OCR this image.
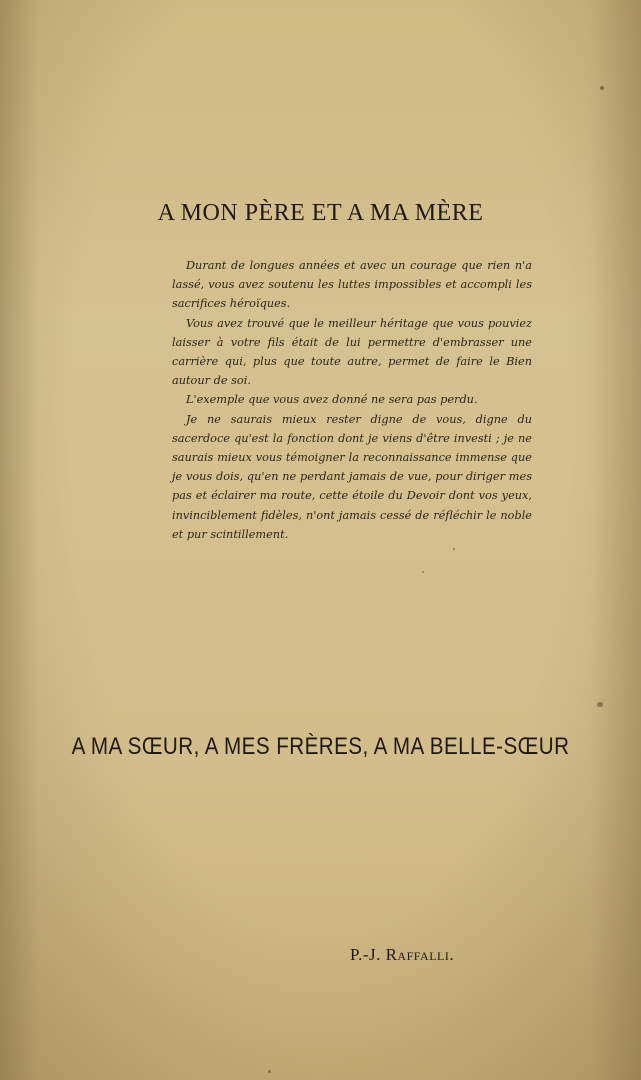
A MON PÈRE ET A MA MÈRE

Durant de longues années et avec un courage que rien n'a lassé, vous avez soutenu les luttes impossibles et accompli les sacrifices héroïques.

Vous avez trouvé que le meilleur héritage que vous pouviez laisser à votre fils était de lui permettre d'embrasser une carrière qui, plus que toute autre, permet de faire le Bien autour de soi.

L'exemple que vous avez donné ne sera pas perdu.

Je ne saurais mieux rester digne de vous, digne du sacerdoce qu'est la fonction dont je viens d'être investi ; je ne saurais mieux vous témoigner la reconnaissance immense que je vous dois, qu'en ne perdant jamais de vue, pour diriger mes pas et éclairer ma route, cette étoile du Devoir dont vos yeux, invinciblement fidèles, n'ont jamais cessé de réfléchir le noble et pur scintillement.

A MA SŒUR, A MES FRÈRES, A MA BELLE-SŒUR
P.-J. Raffalli.
